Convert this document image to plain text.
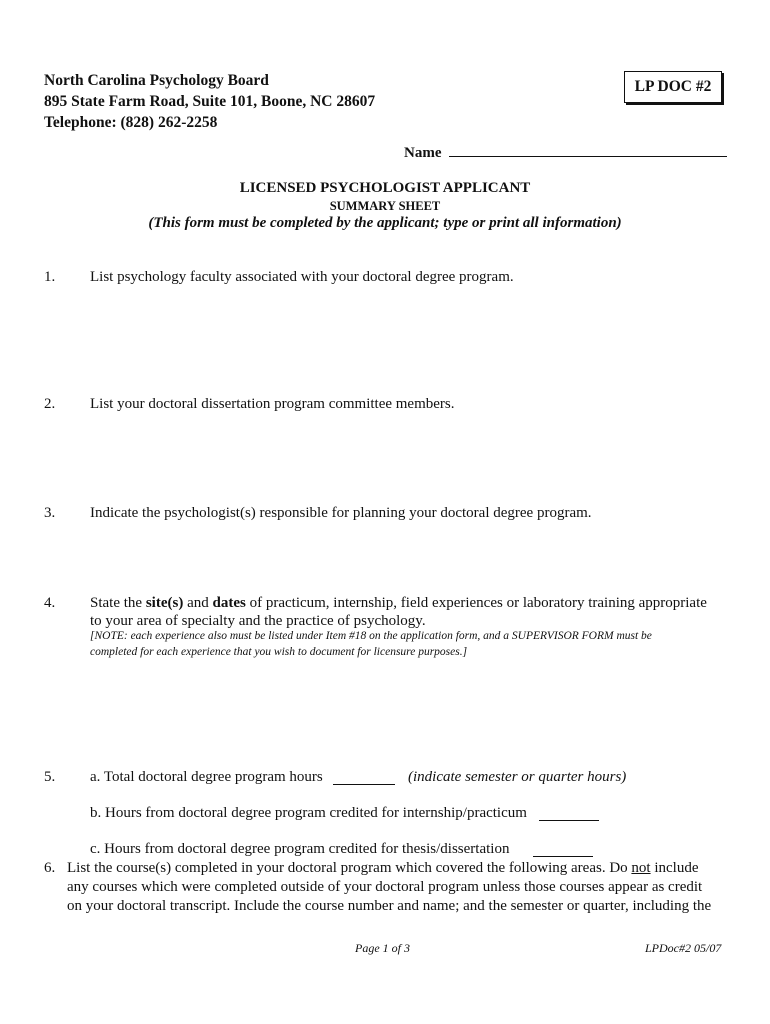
North Carolina Psychology Board
895 State Farm Road, Suite 101, Boone, NC 28607
Telephone: (828) 262-2258
LP DOC #2
Name
LICENSED PSYCHOLOGIST APPLICANT
SUMMARY SHEET
(This form must be completed by the applicant; type or print all information)
1. List psychology faculty associated with your doctoral degree program.
2. List your doctoral dissertation program committee members.
3. Indicate the psychologist(s) responsible for planning your doctoral degree program.
4. State the site(s) and dates of practicum, internship, field experiences or laboratory training appropriate
to your area of specialty and the practice of psychology.
[NOTE: each experience also must be listed under Item #18 on the application form, and a SUPERVISOR FORM must be
completed for each experience that you wish to document for licensure purposes.]
5. a. Total doctoral degree program hours	(indicate semester or quarter hours)
b. Hours from doctoral degree program credited for internship/practicum
c. Hours from doctoral degree program credited for thesis/dissertation
6. List the course(s) completed in your doctoral program which covered the following areas. Do not include
any courses which were completed outside of your doctoral program unless those courses appear as credit
on your doctoral transcript. Include the course number and name; and the semester or quarter, including the
Page 1 of 3	LPDoc#2 05/07
